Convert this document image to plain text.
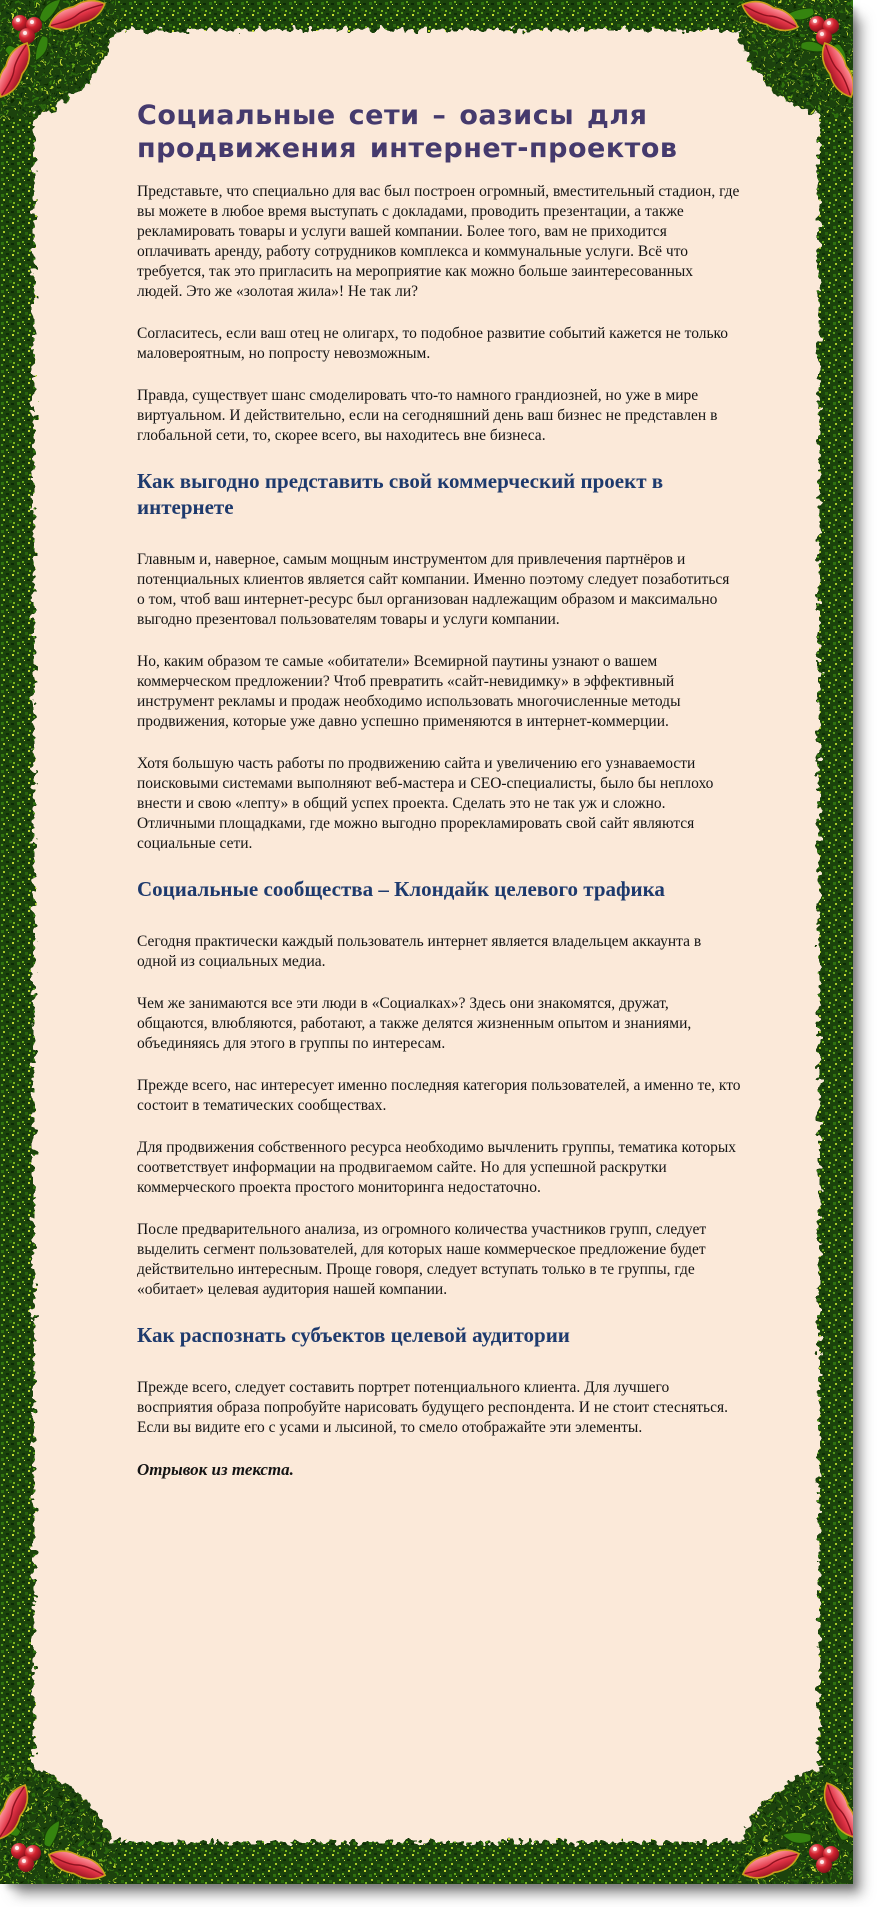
Социальные сети – оазисы для продвижения интернет-проектов

Представьте, что специально для вас был построен огромный, вместительный стадион, где вы можете в любое время выступать с докладами, проводить презентации, а также рекламировать товары и услуги вашей компании. Более того, вам не приходится оплачивать аренду, работу сотрудников комплекса и коммунальные услуги. Всё что требуется, так это пригласить на мероприятие как можно больше заинтересованных людей. Это же «золотая жила»! Не так ли?

Согласитесь, если ваш отец не олигарх, то подобное развитие событий кажется не только маловероятным, но попросту невозможным.

Правда, существует шанс смоделировать что-то намного грандиозней, но уже в мире виртуальном. И действительно, если на сегодняшний день ваш бизнес не представлен в глобальной сети, то, скорее всего, вы находитесь вне бизнеса.

Как выгодно представить свой коммерческий проект в интернете

Главным и, наверное, самым мощным инструментом для привлечения партнёров и потенциальных клиентов является сайт компании. Именно поэтому следует позаботиться о том, чтоб ваш интернет-ресурс был организован надлежащим образом и максимально выгодно презентовал пользователям товары и услуги компании.

Но, каким образом те самые «обитатели» Всемирной паутины узнают о вашем коммерческом предложении? Чтоб превратить «сайт-невидимку» в эффективный инструмент рекламы и продаж необходимо использовать многочисленные методы продвижения, которые уже давно успешно применяются в интернет-коммерции.

Хотя большую часть работы по продвижению сайта и увеличению его узнаваемости поисковыми системами выполняют веб-мастера и СЕО-специалисты, было бы неплохо внести и свою «лепту» в общий успех проекта. Сделать это не так уж и сложно. Отличными площадками, где можно выгодно прорекламировать свой сайт являются социальные сети.

Социальные сообщества – Клондайк целевого трафика

Сегодня практически каждый пользователь интернет является владельцем аккаунта в одной из социальных медиа.

Чем же занимаются все эти люди в «Социалках»? Здесь они знакомятся, дружат, общаются, влюбляются, работают, а также делятся жизненным опытом и знаниями, объединяясь для этого в группы по интересам.

Прежде всего, нас интересует именно последняя категория пользователей, а именно те, кто состоит в тематических сообществах.

Для продвижения собственного ресурса необходимо вычленить группы, тематика которых соответствует информации на продвигаемом сайте. Но для успешной раскрутки коммерческого проекта простого мониторинга недостаточно.

После предварительного анализа, из огромного количества участников групп, следует выделить сегмент пользователей, для которых наше коммерческое предложение будет действительно интересным. Проще говоря, следует вступать только в те группы, где «обитает» целевая аудитория нашей компании.

Как распознать субъектов целевой аудитории

Прежде всего, следует составить портрет потенциального клиента. Для лучшего восприятия образа попробуйте нарисовать будущего респондента. И не стоит стесняться. Если вы видите его с усами и лысиной, то смело отображайте эти элементы.

Отрывок из текста.
